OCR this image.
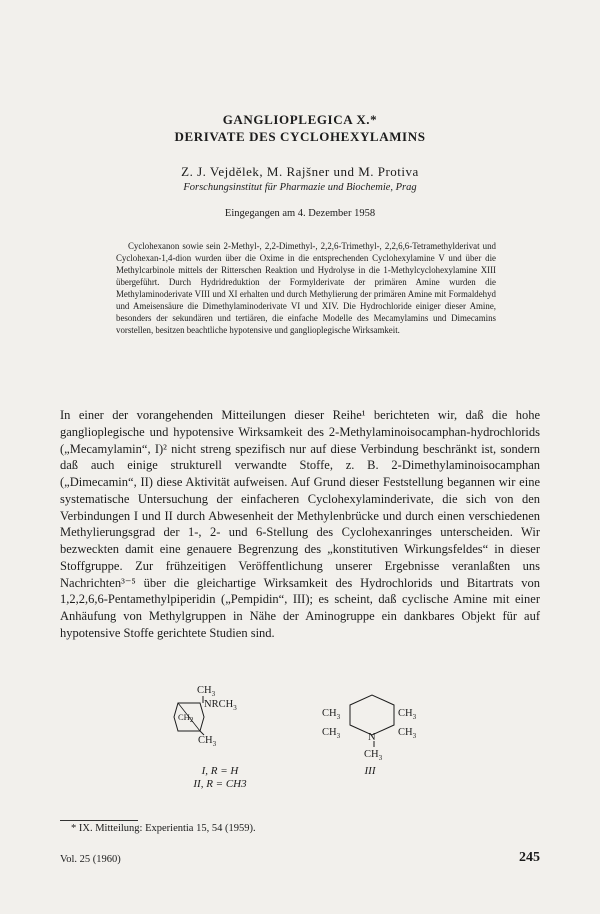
GANGLIOPLEGICA X.*
DERIVATE DES CYCLOHEXYLAMINS
Z. J. Vejdělek, M. Rajšner und M. Protiva
Forschungsinstitut für Pharmazie und Biochemie, Prag
Eingegangen am 4. Dezember 1958

Cyclohexanon sowie sein 2-Methyl-, 2,2-Dimethyl-, 2,2,6-Trimethyl-, 2,2,6,6-Tetramethylderivat und Cyclohexan-1,4-dion wurden über die Oxime in die entsprechenden Cyclohexylamine V und über die Methylcarbinole mittels der Ritterschen Reaktion und Hydrolyse in die 1-Methylcyclohexylamine XIII übergeführt. Durch Hydridreduktion der Formylderivate der primären Amine wurden die Methylaminoderivate VIII und XI erhalten und durch Methylierung der primären Amine mit Formaldehyd und Ameisensäure die Dimethylaminoderivate VI und XIV. Die Hydrochloride einiger dieser Amine, besonders der sekundären und tertiären, die einfache Modelle des Mecamylamins und Dimecamins vorstellen, besitzen beachtliche hypotensive und ganglioplegische Wirksamkeit.

In einer der vorangehenden Mitteilungen dieser Reihe¹ berichteten wir, daß die hohe ganglioplegische und hypotensive Wirksamkeit des 2-Methylaminoisocamphan-hydrochlorids („Mecamylamin“, I)² nicht streng spezifisch nur auf diese Verbindung beschränkt ist, sondern daß auch einige strukturell verwandte Stoffe, z. B. 2-Dimethylaminoisocamphan („Dimecamin“, II) diese Aktivität aufweisen. Auf Grund dieser Feststellung begannen wir eine systematische Untersuchung der einfacheren Cyclohexylaminderivate, die sich von den Verbindungen I und II durch Abwesenheit der Methylenbrücke und durch einen verschiedenen Methylierungsgrad der 1-, 2- und 6-Stellung des Cyclohexanringes unterscheiden. Wir bezweckten damit eine genauere Begrenzung des „konstitutiven Wirkungsfeldes“ in dieser Stoffgruppe. Zur frühzeitigen Veröffentlichung unserer Ergebnisse veranlaßten uns Nachrichten³⁻⁵ über die gleichartige Wirksamkeit des Hydrochlorids und Bitartrats von 1,2,2,6,6-Pentamethylpiperidin („Pempidin“, III); es scheint, daß cyclische Amine mit einer Anhäufung von Methylgruppen in Nähe der Aminogruppe ein dankbares Objekt für auf hypotensive Stoffe gerichtete Studien sind.

$CH_3$
$NRCH_3$
$CH_2$
$CH_3$
$CH_3$
$CH_3$	N
$CH_3$
$CH_3$
$CH_3$
I, R = H
II, R = CH3
III
* IX. Mitteilung: Experientia 15, 54 (1959).
Vol. 25 (1960)	245
